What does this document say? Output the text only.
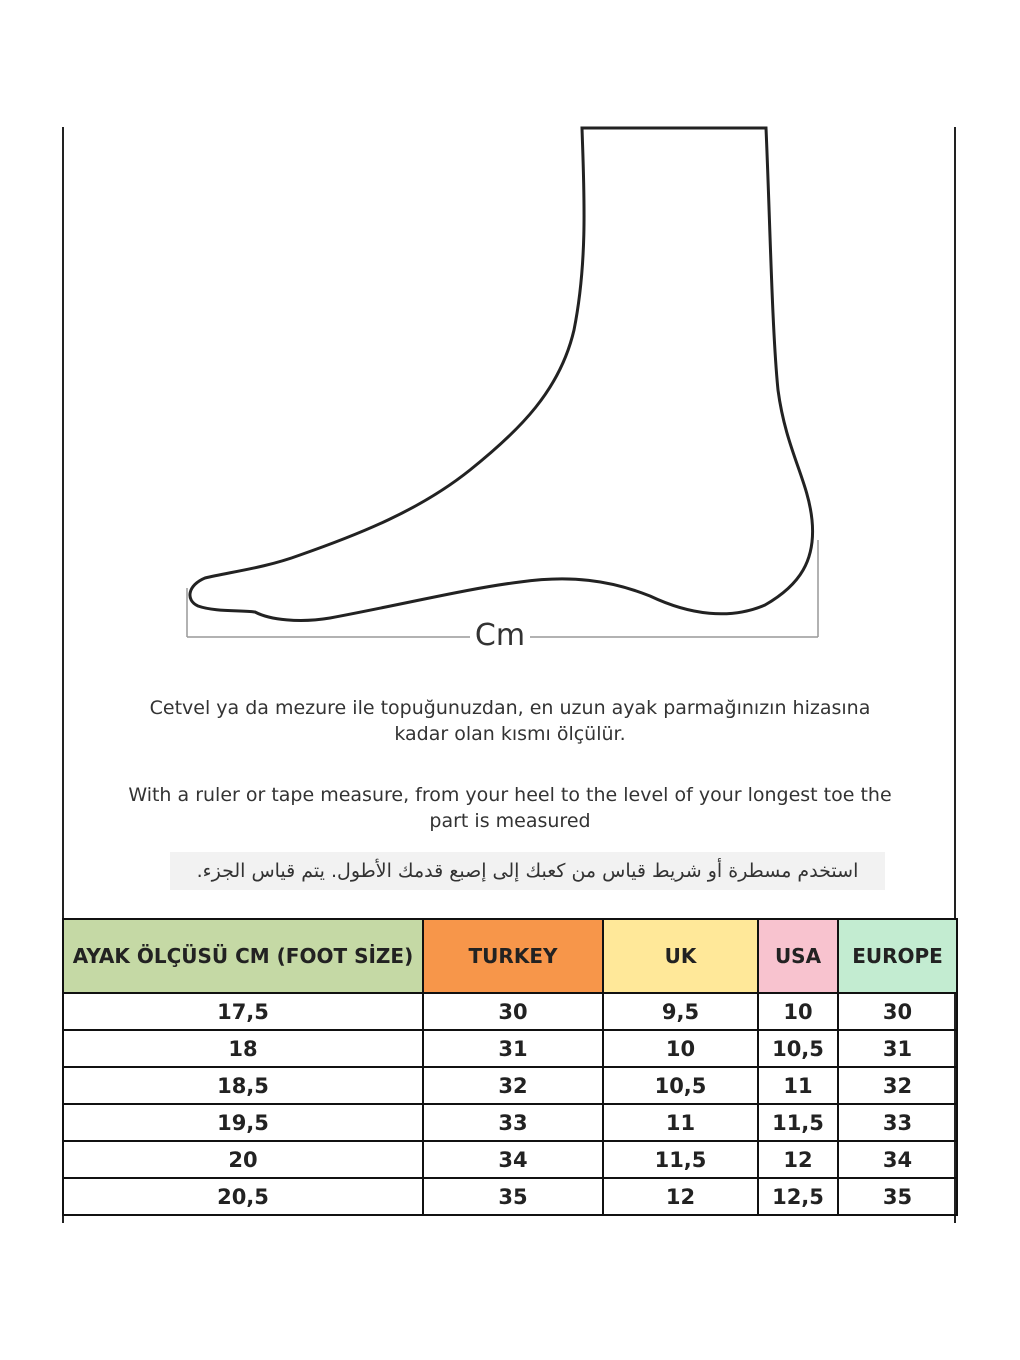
Cm
Cetvel ya da mezure ile topuğunuzdan, en uzun ayak parmağınızın hizasına kadar olan kısmı ölçülür.
With a ruler or tape measure, from your heel to the level of your longest toe the part is measured
استخدم مسطرة أو شريط قياس من كعبك إلى إصبع قدمك الأطول. يتم قياس الجزء.
AYAK ÖLÇÜSÜ CM (FOOT SİZE)	TURKEY	UK	USA	EUROPE
17,5	30	9,5	10	30
18	31	10	10,5	31
18,5	32	10,5	11	32
19,5	33	11	11,5	33
20	34	11,5	12	34
20,5	35	12	12,5	35
